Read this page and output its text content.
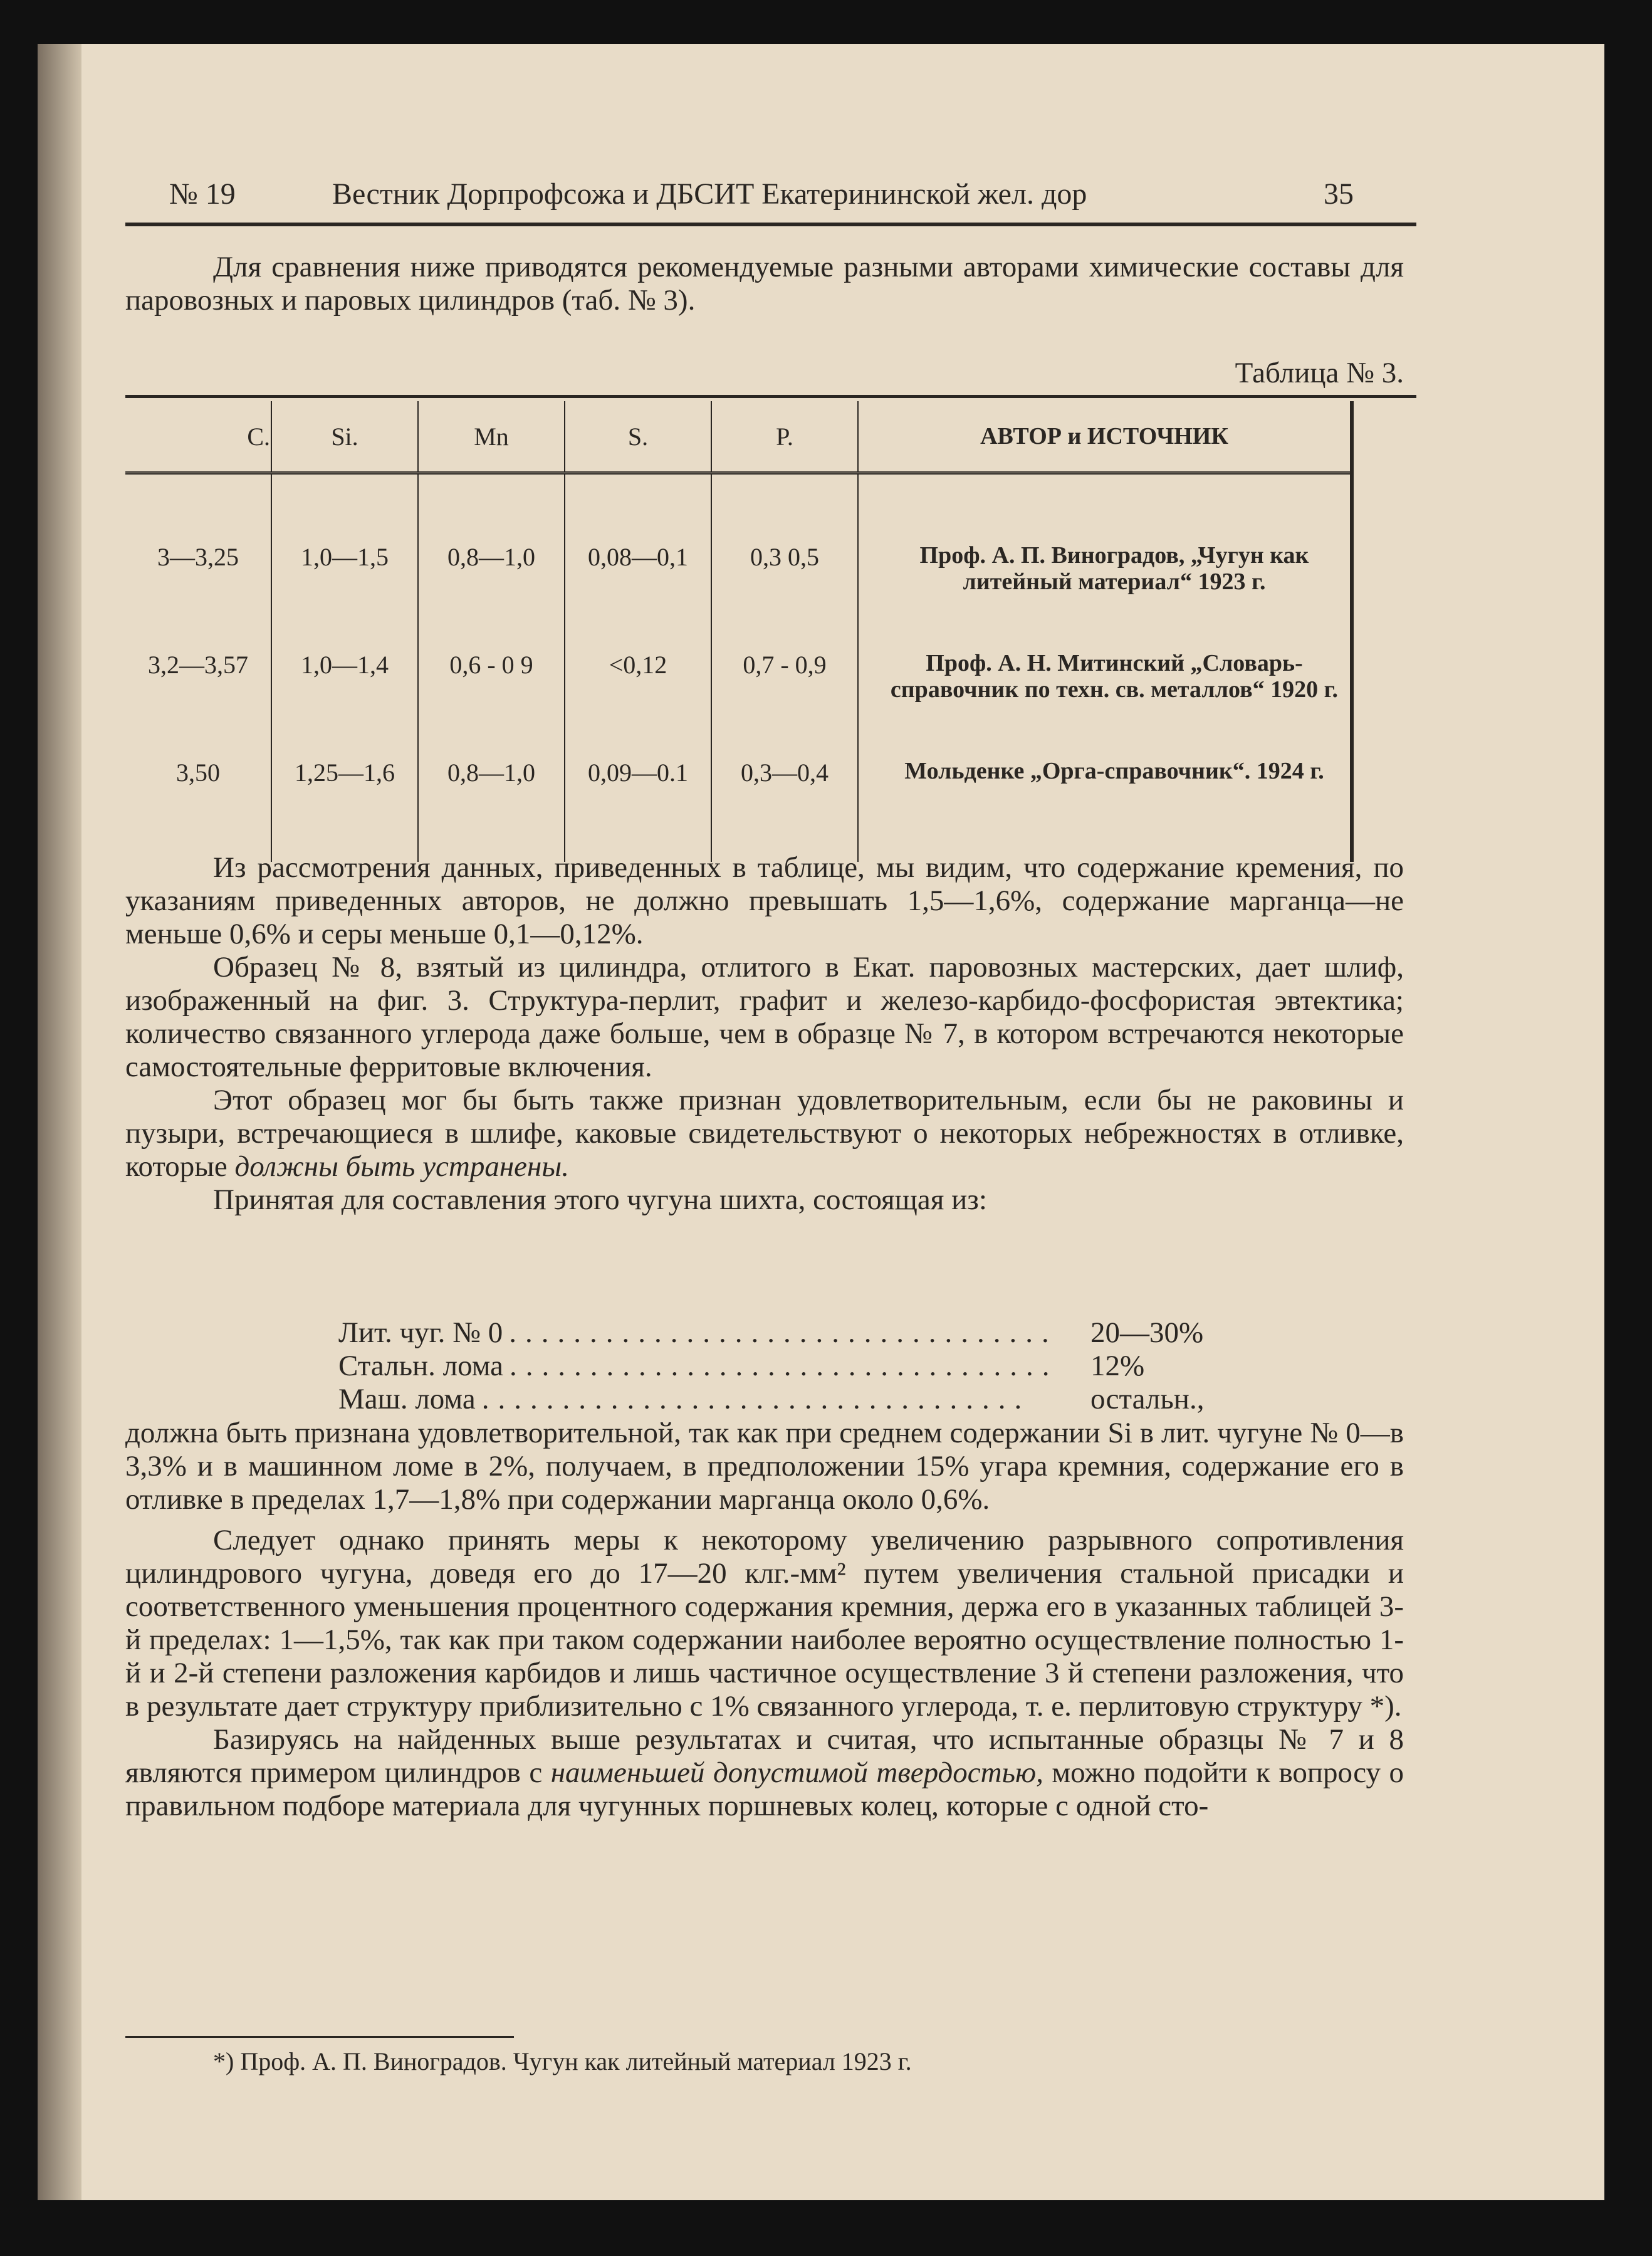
№ 19	Вестник Дорпрофсожа и ДБСИТ Екатерининской жел. дор	35

Для сравнения ниже приводятся рекомендуемые разными авторами химические составы для паровозных и паровых цилиндров (таб. № 3).

Таблица № 3.
C.	Si.	Mn	S.	P.	АВТОР и ИСТОЧНИК

3—3,25	1,0—1,5	0,8—1,0	0,08—0,1	0,3 0,5	Проф. А. П. Виноградов, „Чугун как литейный материал“ 1923 г.
3,2—3,57	1,0—1,4	0,6 - 0 9	<0,12	0,7 - 0,9	Проф. А. Н. Митинский „Словарь-справочник по техн. св. металлов“ 1920 г.
3,50	1,25—1,6	0,8—1,0	0,09—0.1	0,3—0,4	Мольденке „Орга-справочник“. 1924 г.

Из рассмотрения данных, приведенных в таблице, мы видим, что содержание кремения, по указаниям приведенных авторов, не должно превышать 1,5—1,6%, содержание марганца—не меньше 0,6% и серы меньше 0,1—0,12%.

Образец № 8, взятый из цилиндра, отлитого в Екат. паровозных мастерских, дает шлиф, изображенный на фиг. 3. Структура-перлит, графит и железо-карбидо-фосфористая эвтектика; количество связанного углерода даже больше, чем в образце № 7, в котором встречаются некоторые самостоятельные ферритовые включения.

Этот образец мог бы быть также признан удовлетворительным, если бы не раковины и пузыри, встречающиеся в шлифе, каковые свидетельствуют о некоторых небрежностях в отливке, которые должны быть устранены.

Принятая для составления этого чугуна шихта, состоящая из:

Лит. чуг. № 0 ..................................	20—30%
Стальн. лома ..................................	12%
Маш. лома ..................................	остальн.,

должна быть признана удовлетворительной, так как при среднем содержании Si в лит. чугуне № 0—в 3,3% и в машинном ломе в 2%, получаем, в предположении 15% угара кремния, содержание его в отливке в пределах 1,7—1,8% при содержании марганца около 0,6%.

Следует однако принять меры к некоторому увеличению разрывного сопротивления цилиндрового чугуна, доведя его до 17—20 клг.-мм² путем увеличения стальной присадки и соответственного уменьшения процентного содержания кремния, держа его в указанных таблицей 3-й пределах: 1—1,5%, так как при таком содержании наиболее вероятно осуществление полностью 1-й и 2-й степени разложения карбидов и лишь частичное осуществление 3 й степени разложения, что в результате дает структуру приблизительно с 1% связанного углерода, т. е. перлитовую структуру *).

Базируясь на найденных выше результатах и считая, что испытанные образцы № 7 и 8 являются примером цилиндров с наименьшей допустимой твердостью, можно подойти к вопросу о правильном подборе материала для чугунных поршневых колец, которые с одной сто-

*) Проф. А. П. Виноградов. Чугун как литейный материал 1923 г.
